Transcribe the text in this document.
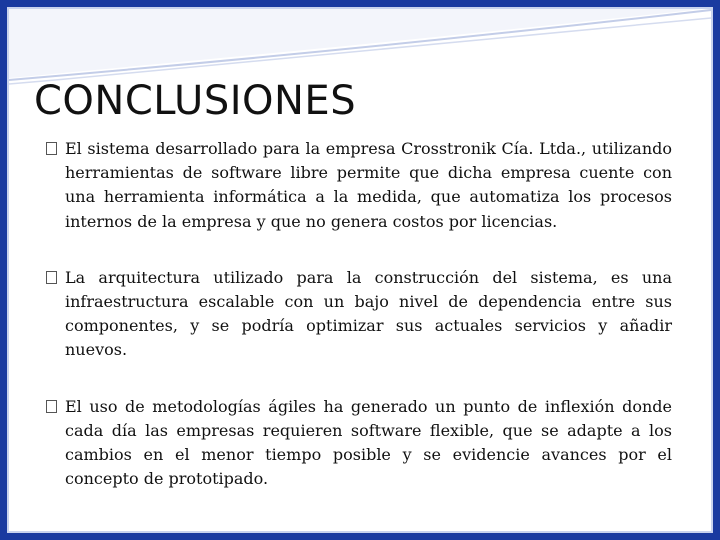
CONCLUSIONES
El sistema desarrollado para la empresa Crosstronik Cía. Ltda., utilizando herramientas de software libre permite que dicha empresa cuente con una herramienta informática a la medida, que automatiza los procesos internos de la empresa y que no genera costos por licencias.
La arquitectura utilizado para la construcción del sistema, es una infraestructura escalable con un bajo nivel de dependencia entre sus componentes, y se podría optimizar sus actuales servicios y añadir nuevos.
El uso de metodologías ágiles ha generado un punto de inflexión donde cada día las empresas requieren software flexible, que se adapte a los cambios en el menor tiempo posible y se evidencie avances por el concepto de prototipado.
